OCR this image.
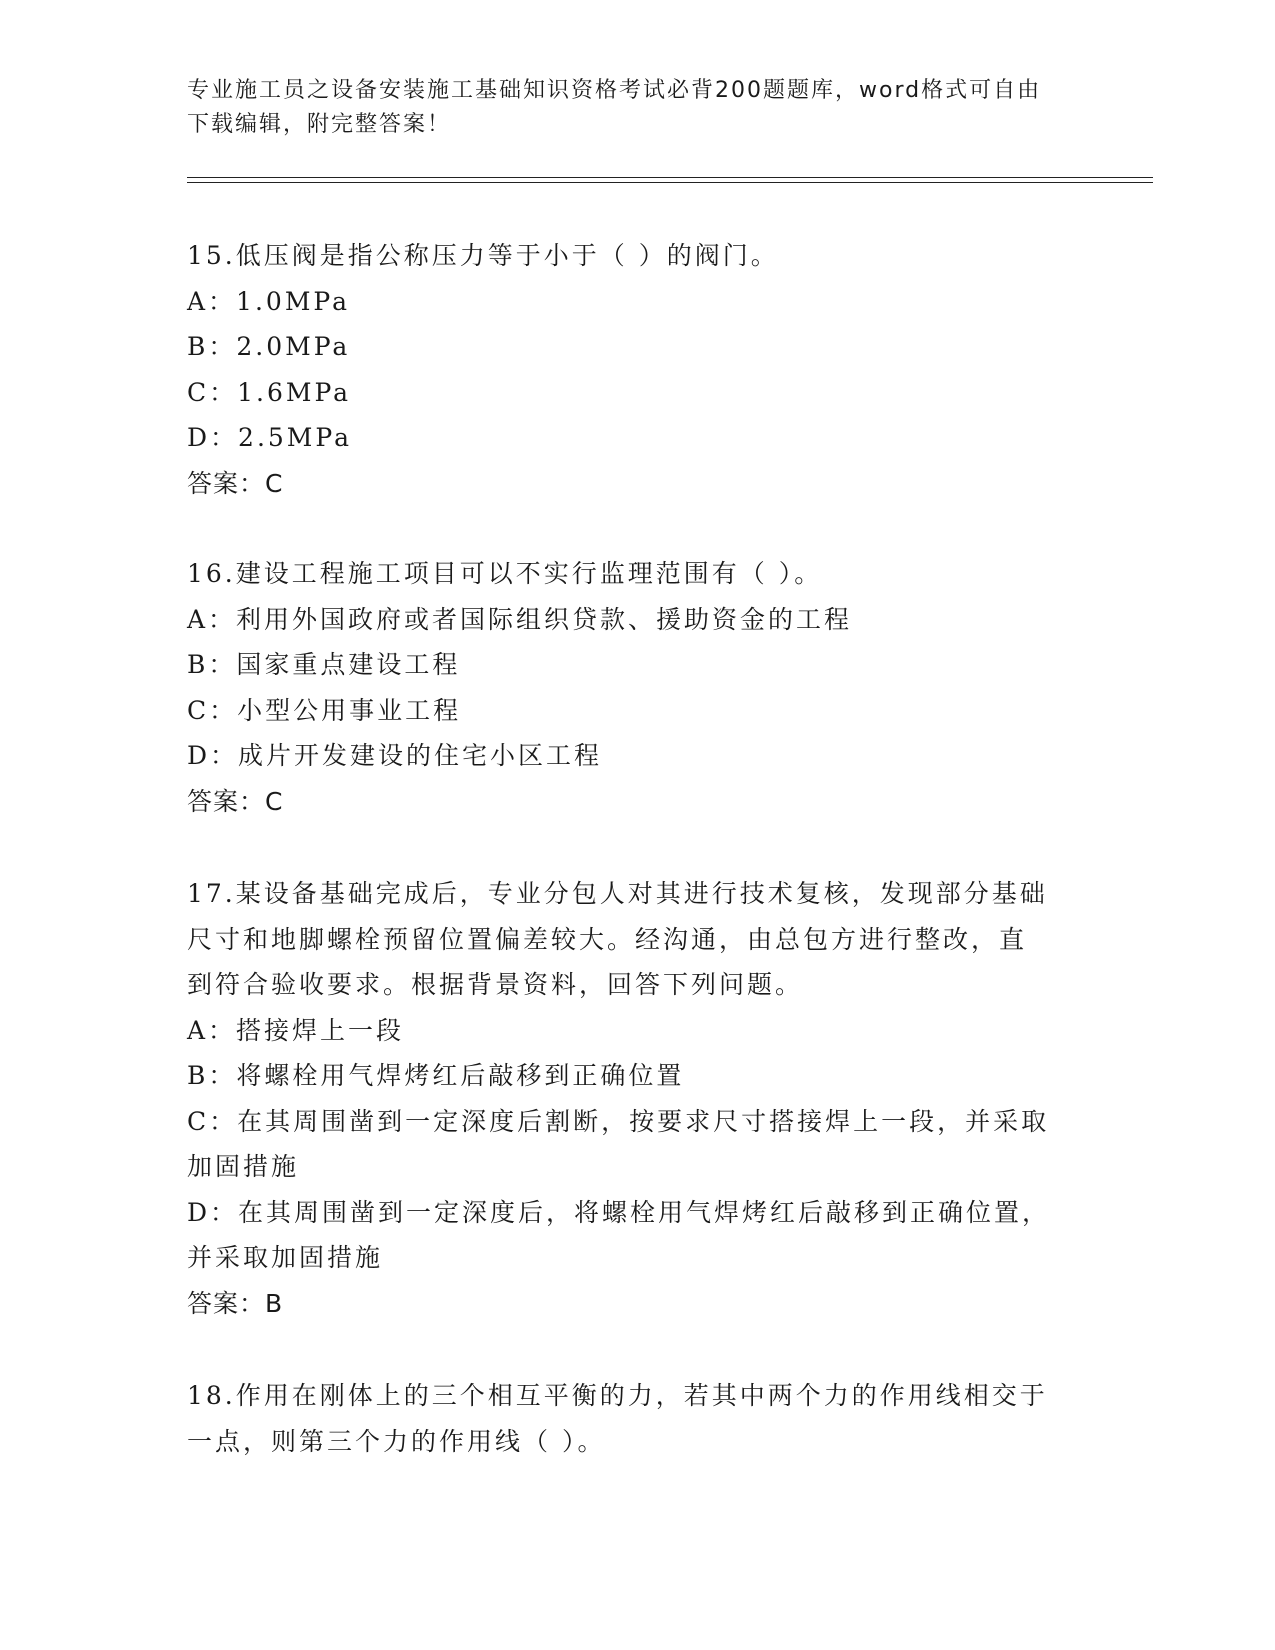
专业施工员之设备安装施工基础知识资格考试必背200题题库，word格式可自由
下载编辑，附完整答案！
15.低压阀是指公称压力等于小于（ ）的阀门。
A：1.0MPa
B：2.0MPa
C：1.6MPa
D：2.5MPa
答案：C
16.建设工程施工项目可以不实行监理范围有（ ）。
A：利用外国政府或者国际组织贷款、援助资金的工程
B：国家重点建设工程
C：小型公用事业工程
D：成片开发建设的住宅小区工程
答案：C
17.某设备基础完成后，专业分包人对其进行技术复核，发现部分基础
尺寸和地脚螺栓预留位置偏差较大。经沟通，由总包方进行整改，直
到符合验收要求。根据背景资料，回答下列问题。
A：搭接焊上一段
B：将螺栓用气焊烤红后敲移到正确位置
C：在其周围凿到一定深度后割断，按要求尺寸搭接焊上一段，并采取
加固措施
D：在其周围凿到一定深度后，将螺栓用气焊烤红后敲移到正确位置，
并采取加固措施
答案：B
18.作用在刚体上的三个相互平衡的力，若其中两个力的作用线相交于
一点，则第三个力的作用线（ ）。
